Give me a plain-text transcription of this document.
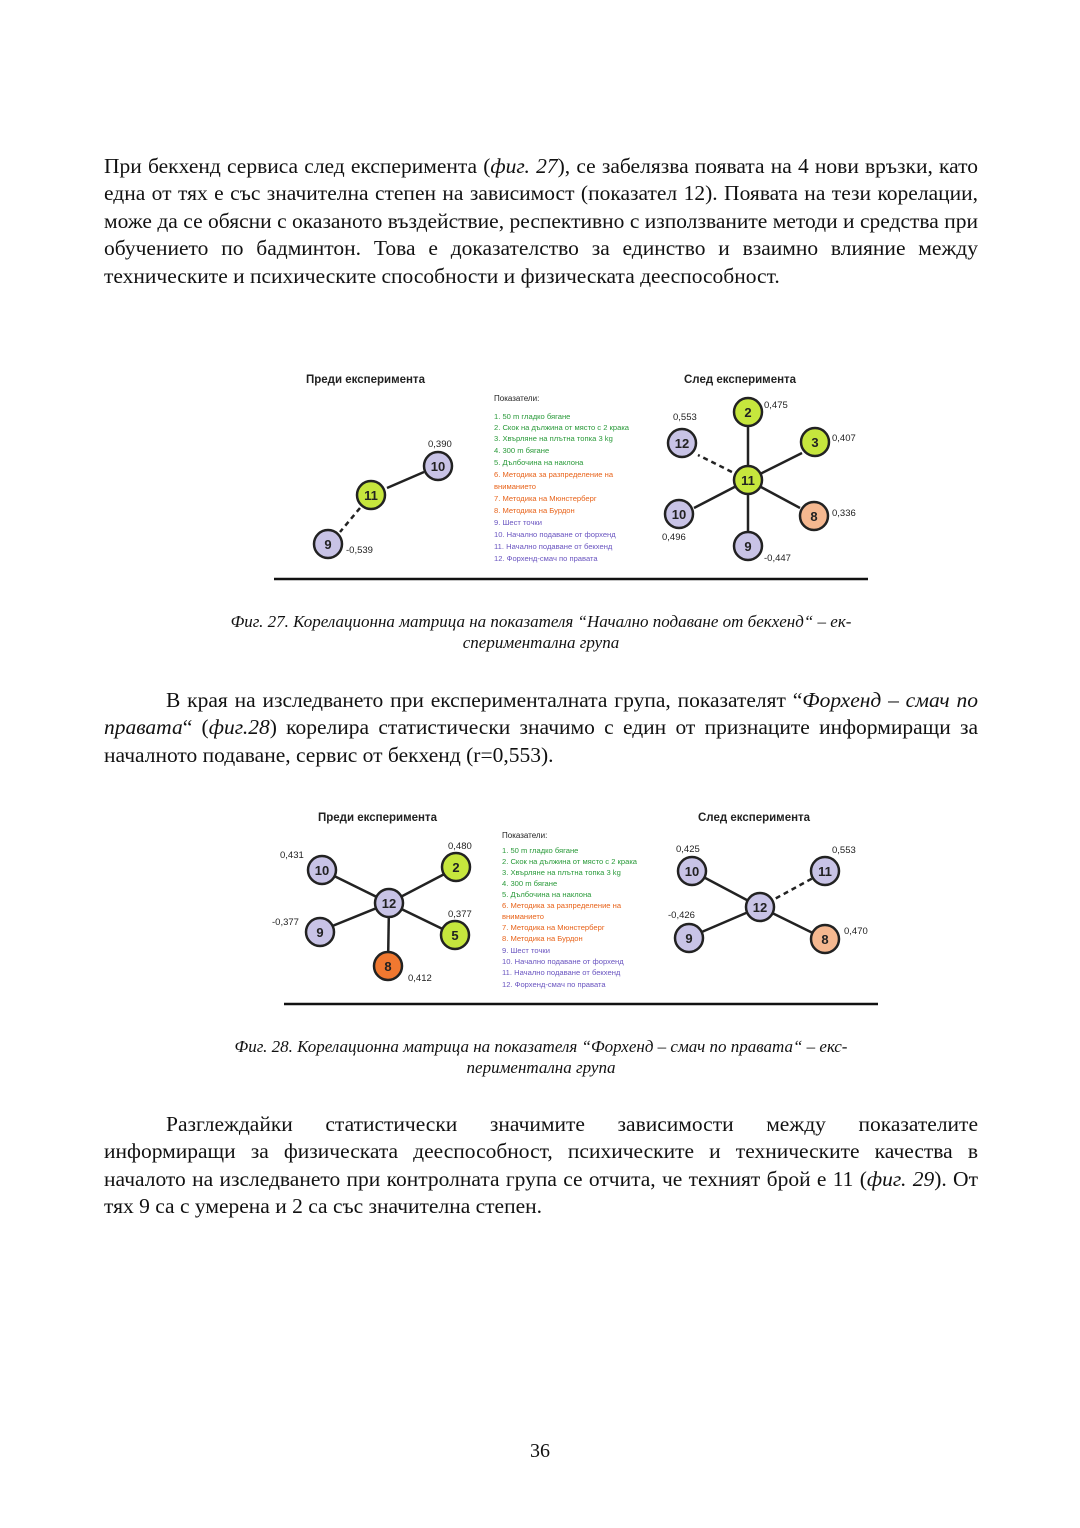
При бекхенд сервиса след експеримента (фиг. 27), се забелязва появата на 4 нови връзки, като една от тях е със значителна степен на зависимост (показател 12). Появата на тези корелации, може да се обясни с оказаното въздействие, респективно с използваните методи и средства при обучението по бадминтон. Това е доказателство за единство и взаимно влияние между техническите и психическите способности и физическата дееспособност.
Преди експеримента	След експеримента
10
11
9
0,390
-0,539
Показатели:
1. 50 m гладко бягане
2. Скок на дължина от място с 2 крака
3. Хвърляне на плътна топка 3 kg
4. 300 m бягане
5. Дълбочина на наклона
6. Методика за разпределение на
вниманието
7. Методика на Мюнстерберг
8. Методика на Бурдон
9. Шест точки
10. Начално подаване от форхенд
11. Начално подаване от бекхенд
12. Форхенд-смач по правата
2
12	3
11
10	8
9
0,553
0,475
0,407
0,336
0,496
-0,447
Фиг. 27. Корелационна матрица на показателя “Начално подаване от бекхенд“ – ек-
спериментална група
В края на изследването при експерименталната група, показателят “Форхенд – смач по правата“ (фиг.28) корелира статистически значимо с един от признаците информиращи за началното подаване, сервис от бекхенд (r=0,553).
Преди експеримента	След експеримента
10	2
12
9	5
8
0,431
0,480
-0,377
0,377
0,412
Показатели:
1. 50 m гладко бягане
2. Скок на дължина от място с 2 крака
3. Хвърляне на плътна топка 3 kg
4. 300 m бягане
5. Дълбочина на наклона
6. Методика за разпределение на
вниманието
7. Методика на Мюнстерберг
8. Методика на Бурдон
9. Шест точки
10. Начално подаване от форхенд
11. Начално подаване от бекхенд
12. Форхенд-смач по правата
10	11
12
9	8
0,425	0,553
-0,426
0,470
Фиг. 28. Корелационна матрица на показателя “Форхенд – смач по правата“ – екс-
периментална група
Разглеждайки статистически значимите зависимости между показателите информиращи за физическата дееспособност, психическите и техническите качества в началото на изследването при контролната група се отчита, че техният брой е 11 (фиг. 29). От тях 9 са с умерена и 2 са със значителна степен.
36
